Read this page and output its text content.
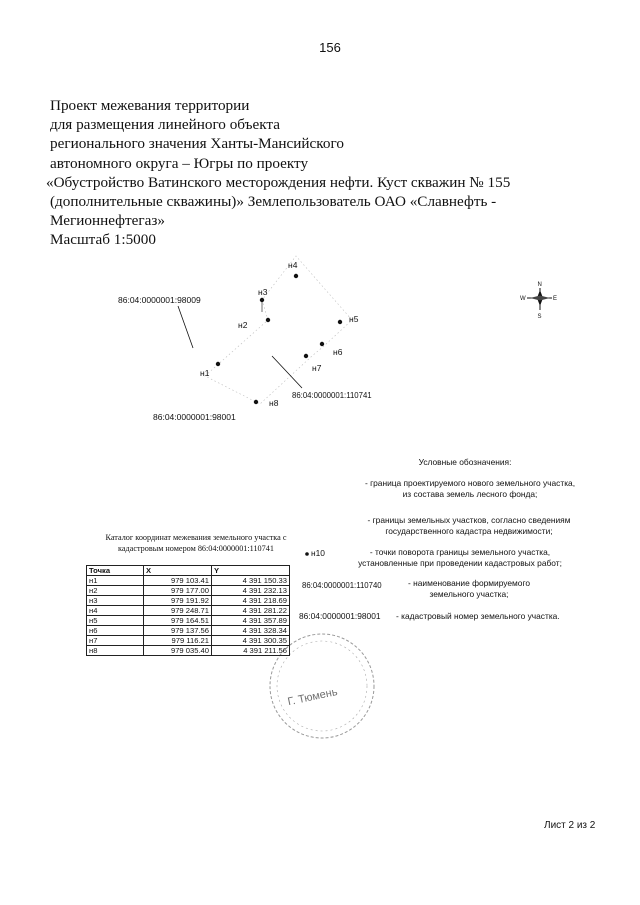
156
Проект межевания территории
для размещения линейного объекта
регионального значения Ханты-Мансийского
автономного округа – Югры по проекту
«Обустройство Ватинского месторождения нефти. Куст скважин № 155
(дополнительные скважины)» Землепользователь ОАО «Славнефть -
Мегионнефтегаз»
Масштаб 1:5000
н1
н2
н3
н4
н5
н6
н7
н8
86:04:0000001:98009
86:04:0000001:110741
86:04:0000001:98001
N
S
E
W
Г. Тюмень
Условные обозначения:
- граница проектируемого нового земельного участка,
из состава земель лесного фонда;
- границы земельных участков, согласно сведениям
государственного кадастра недвижимости;
н10	- точки поворота границы земельного участка,
установленные при проведении кадастровых работ;
86:04:0000001:110740	- наименование формируемого
земельного участка;
86:04:0000001:98001 - кадастровый номер земельного участка.
Каталог координат межевания земельного участка с
кадастровым номером 86:04:0000001:110741
Точка	X	Y
н1	979 103.41	4 391 150.33
н2	979 177.00	4 391 232.13
н3	979 191.92	4 391 218.69
н4	979 248.71	4 391 281.22
н5	979 164.51	4 391 357.89
н6	979 137.56	4 391 328.34
н7	979 116.21	4 391 300.35
н8	979 035.40	4 391 211.56
Лист 2 из 2
